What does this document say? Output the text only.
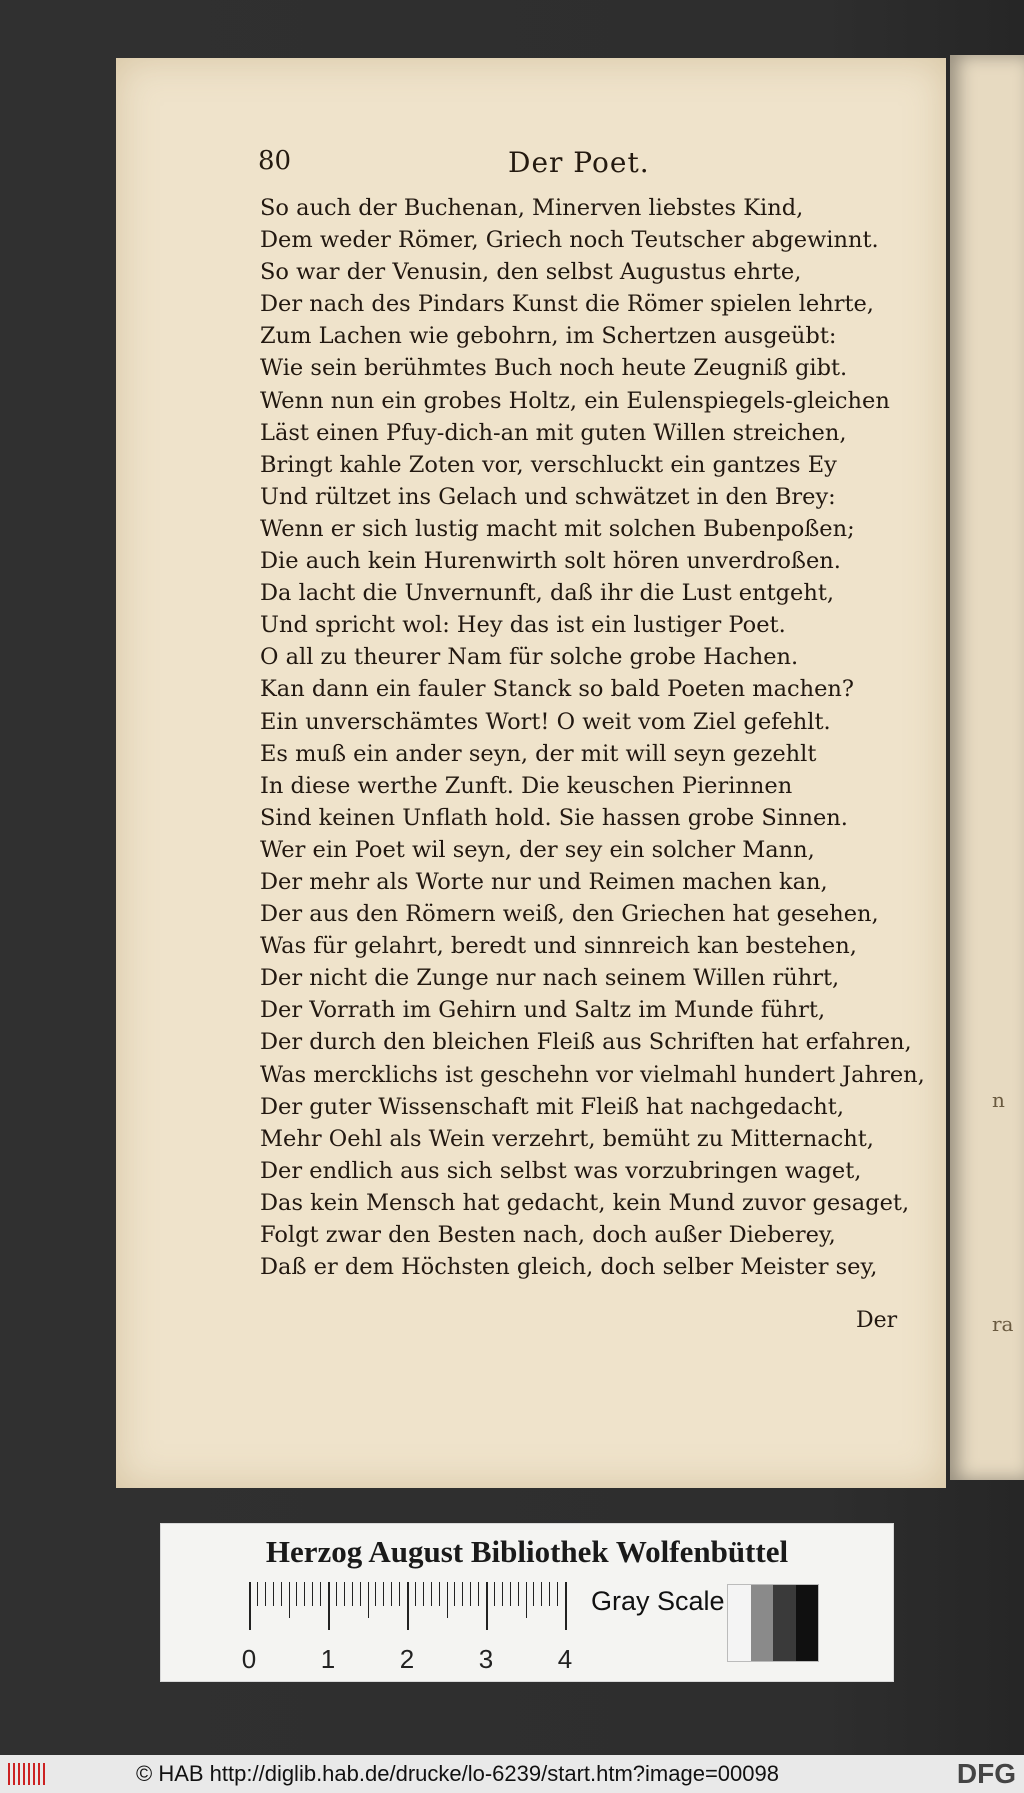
n
ra
80	Der Poet.
So auch der Buchenan, Minerven liebstes Kind,
Dem weder Römer, Griech noch Teutscher abgewinnt.
So war der Venusin, den selbst Augustus ehrte,
Der nach des Pindars Kunst die Römer spielen lehrte,
Zum Lachen wie gebohrn, im Schertzen ausgeübt:
Wie sein berühmtes Buch noch heute Zeugniß gibt.
Wenn nun ein grobes Holtz, ein Eulenspiegels-gleichen
Läst einen Pfuy-dich-an mit guten Willen streichen,
Bringt kahle Zoten vor, verschluckt ein gantzes Ey
Und rültzet ins Gelach und schwätzet in den Brey:
Wenn er sich lustig macht mit solchen Bubenpoßen;
Die auch kein Hurenwirth solt hören unverdroßen.
Da lacht die Unvernunft, daß ihr die Lust entgeht,
Und spricht wol: Hey das ist ein lustiger Poet.
O all zu theurer Nam für solche grobe Hachen.
Kan dann ein fauler Stanck so bald Poeten machen?
Ein unverschämtes Wort! O weit vom Ziel gefehlt.
Es muß ein ander seyn, der mit will seyn gezehlt
In diese werthe Zunft. Die keuschen Pierinnen
Sind keinen Unflath hold. Sie hassen grobe Sinnen.
Wer ein Poet wil seyn, der sey ein solcher Mann,
Der mehr als Worte nur und Reimen machen kan,
Der aus den Römern weiß, den Griechen hat gesehen,
Was für gelahrt, beredt und sinnreich kan bestehen,
Der nicht die Zunge nur nach seinem Willen rührt,
Der Vorrath im Gehirn und Saltz im Munde führt,
Der durch den bleichen Fleiß aus Schriften hat erfahren,
Was mercklichs ist geschehn vor vielmahl hundert Jahren,
Der guter Wissenschaft mit Fleiß hat nachgedacht,
Mehr Oehl als Wein verzehrt, bemüht zu Mitternacht,
Der endlich aus sich selbst was vorzubringen waget,
Das kein Mensch hat gedacht, kein Mund zuvor gesaget,
Folgt zwar den Besten nach, doch außer Dieberey,
Daß er dem Höchsten gleich, doch selber Meister sey,
Der
Herzog August Bibliothek Wolfenbüttel
0 1 2 3 4
Gray Scale
© HAB http://diglib.hab.de/drucke/lo-6239/start.htm?image=00098	DFG
